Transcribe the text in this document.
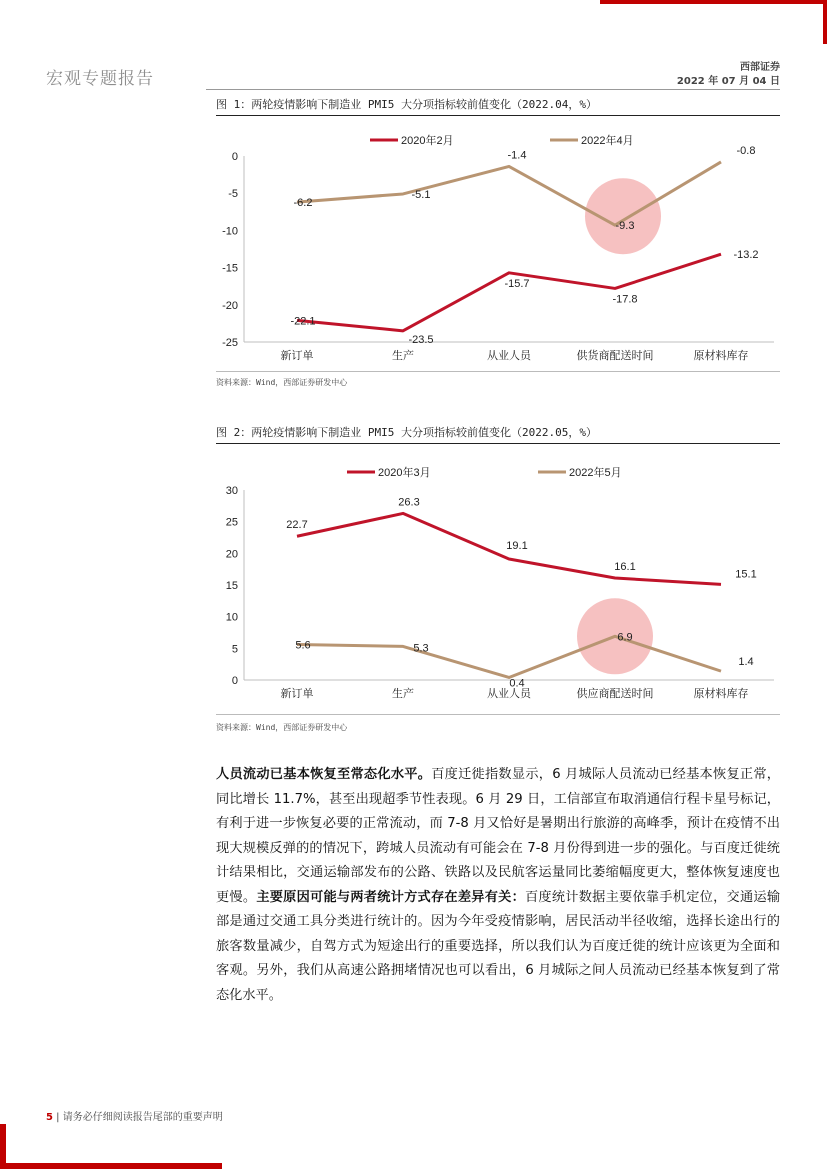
宏观专题报告
西部证券
2022 年 07 月 04 日
图 1：两轮疫情影响下制造业 PMI5 大分项指标较前值变化（2022.04，%）
2020年2月	2022年4月
0
-5
-10
-15
-20
-25
新订单	生产	从业人员	供货商配送时间	原材料库存
-22.1
-23.5
-15.7
-17.8
-13.2
-6.2
-5.1
-1.4
-9.3
-0.8
资料来源：Wind，西部证券研发中心
图 2：两轮疫情影响下制造业 PMI5 大分项指标较前值变化（2022.05，%）
2020年3月	2022年5月
30
25
20
15
10
5
0
新订单	生产	从业人员	供应商配送时间	原材料库存
22.7
26.3
19.1
16.1
15.1
5.6	5.3
0.4
6.9
1.4
资料来源：Wind，西部证券研发中心
人员流动已基本恢复至常态化水平。百度迁徙指数显示，6 月城际人员流动已经基本恢复正常，同比增长 11.7%，甚至出现超季节性表现。6 月 29 日，工信部宣布取消通信行程卡星号标记，有利于进一步恢复必要的正常流动，而 7-8 月又恰好是暑期出行旅游的高峰季，预计在疫情不出现大规模反弹的的情况下，跨城人员流动有可能会在 7-8 月份得到进一步的强化。与百度迁徙统计结果相比，交通运输部发布的公路、铁路以及民航客运量同比萎缩幅度更大，整体恢复速度也更慢。主要原因可能与两者统计方式存在差异有关：百度统计数据主要依靠手机定位，交通运输部是通过交通工具分类进行统计的。因为今年受疫情影响，居民活动半径收缩，选择长途出行的旅客数量减少，自驾方式为短途出行的重要选择，所以我们认为百度迁徙的统计应该更为全面和客观。另外，我们从高速公路拥堵情况也可以看出，6 月城际之间人员流动已经基本恢复到了常态化水平。
5 | 请务必仔细阅读报告尾部的重要声明
